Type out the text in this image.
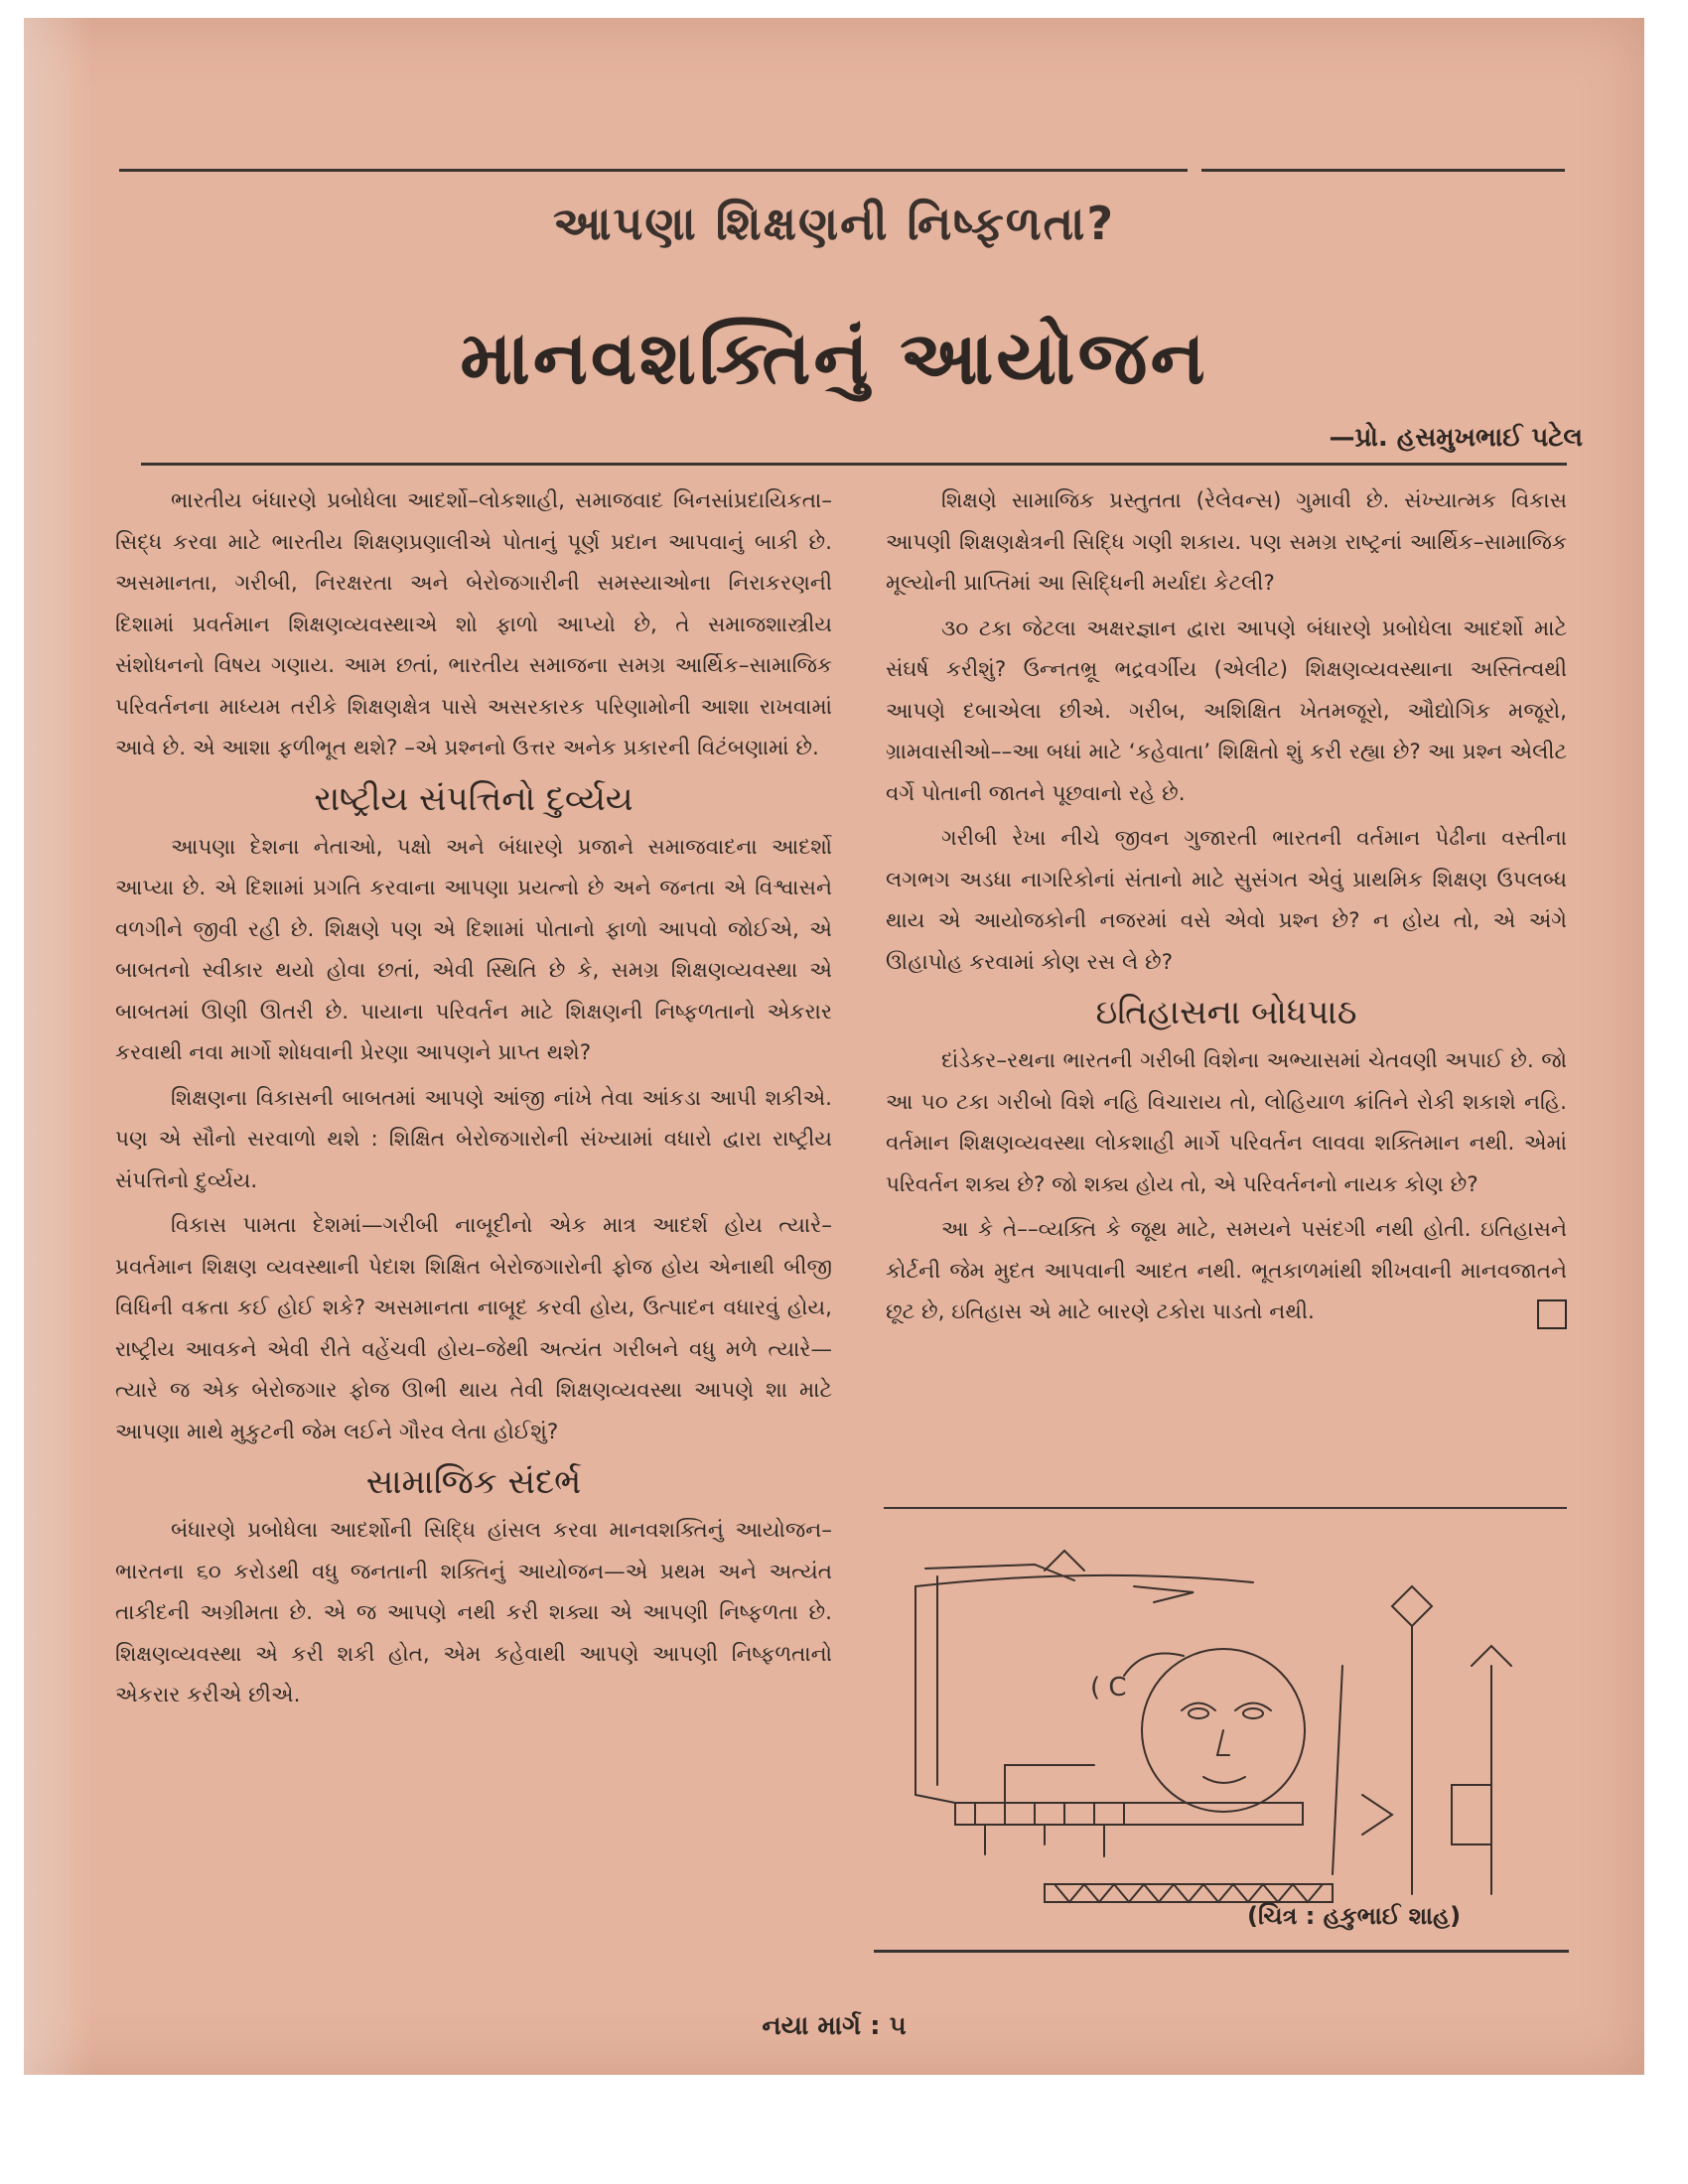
આપણા શિક્ષણની નિષ્ફળતા?
માનવશક્તિનું આયોજન
—પ્રો. હસમુખભાઈ પટેલ

ભારતીય બંધારણે પ્રબોધેલા આદર્શો–લોકશાહી, સમાજવાદ બિનસાંપ્રદાયિકતા–સિદ્ધ કરવા માટે ભારતીય શિક્ષણપ્રણાલીએ પોતાનું પૂર્ણ પ્રદાન આપવાનું બાકી છે. અસમાનતા, ગરીબી, નિરક્ષરતા અને બેરોજગારીની સમસ્યાઓના નિરાકરણની દિશામાં પ્રવર્તમાન શિક્ષણવ્યવસ્થાએ શો ફાળો આપ્યો છે, તે સમાજશાસ્ત્રીય સંશોધનનો વિષય ગણાય. આમ છતાં, ભારતીય સમાજના સમગ્ર આર્થિક–સામાજિક પરિવર્તનના માધ્યમ તરીકે શિક્ષણક્ષેત્ર પાસે અસરકારક પરિણામોની આશા રાખવામાં આવે છે. એ આશા ફળીભૂત થશે? –એ પ્રશ્નનો ઉત્તર અનેક પ્રકારની વિટંબણામાં છે.

રાષ્ટ્રીય સંપત્તિનો દુર્વ્યય

આપણા દેશના નેતાઓ, પક્ષો અને બંધારણે પ્રજાને સમાજવાદના આદર્શો આપ્યા છે. એ દિશામાં પ્રગતિ કરવાના આપણા પ્રયત્નો છે અને જનતા એ વિશ્વાસને વળગીને જીવી રહી છે. શિક્ષણે પણ એ દિશામાં પોતાનો ફાળો આપવો જોઈએ, એ બાબતનો સ્વીકાર થયો હોવા છતાં, એવી સ્થિતિ છે કે, સમગ્ર શિક્ષણવ્યવસ્થા એ બાબતમાં ઊણી ઊતરી છે. પાયાના પરિવર્તન માટે શિક્ષણની નિષ્ફળતાનો એકરાર કરવાથી નવા માર્ગો શોધવાની પ્રેરણા આપણને પ્રાપ્ત થશે?

શિક્ષણના વિકાસની બાબતમાં આપણે આંજી નાંખે તેવા આંકડા આપી શકીએ. પણ એ સૌનો સરવાળો થશે : શિક્ષિત બેરોજગારોની સંખ્યામાં વધારો દ્વારા રાષ્ટ્રીય સંપત્તિનો દુર્વ્યય.

વિકાસ પામતા દેશમાં—ગરીબી નાબૂદીનો એક માત્ર આદર્શ હોય ત્યારે–પ્રવર્તમાન શિક્ષણ વ્યવસ્થાની પેદાશ શિક્ષિત બેરોજગારોની ફોજ હોય એનાથી બીજી વિધિની વક્રતા કઈ હોઈ શકે? અસમાનતા નાબૂદ કરવી હોય, ઉત્પાદન વધારવું હોય, રાષ્ટ્રીય આવકને એવી રીતે વહેંચવી હોય–જેથી અત્યંત ગરીબને વધુ મળે ત્યારે—ત્યારે જ એક બેરોજગાર ફોજ ઊભી થાય તેવી શિક્ષણવ્યવસ્થા આપણે શા માટે આપણા માથે મુકુટની જેમ લઈને ગૌરવ લેતા હોઈશું?

સામાજિક સંદર્ભ

બંધારણે પ્રબોધેલા આદર્શોની સિદ્ધિ હાંસલ કરવા માનવશક્તિનું આયોજન–ભારતના ૬૦ કરોડથી વધુ જનતાની શક્તિનું આયોજન—એ પ્રથમ અને અત્યંત તાકીદની અગ્રીમતા છે. એ જ આપણે નથી કરી શક્યા એ આપણી નિષ્ફળતા છે. શિક્ષણવ્યવસ્થા એ કરી શકી હોત, એમ કહેવાથી આપણે આપણી નિષ્ફળતાનો એકરાર કરીએ છીએ.

શિક્ષણે સામાજિક પ્રસ્તુતતા (રેલેવન્સ) ગુમાવી છે. સંખ્યાત્મક વિકાસ આપણી શિક્ષણક્ષેત્રની સિદ્ધિ ગણી શકાય. પણ સમગ્ર રાષ્ટ્રનાં આર્થિક–સામાજિક મૂલ્યોની પ્રાપ્તિમાં આ સિદ્ધિની મર્યાદા કેટલી?

૩૦ ટકા જેટલા અક્ષરજ્ઞાન દ્વારા આપણે બંધારણે પ્રબોધેલા આદર્શો માટે સંઘર્ષ કરીશું? ઉન્નતભ્રૂ ભદ્રવર્ગીય (એલીટ) શિક્ષણવ્યવસ્થાના અસ્તિત્વથી આપણે દબાએલા છીએ. ગરીબ, અશિક્ષિત ખેતમજૂરો, ઔદ્યોગિક મજૂરો, ગ્રામવાસીઓ––આ બધાં માટે ‘કહેવાતા’ શિક્ષિતો શું કરી રહ્યા છે? આ પ્રશ્ન એલીટ વર્ગે પોતાની જાતને પૂછવાનો રહે છે.

ગરીબી રેખા નીચે જીવન ગુજારતી ભારતની વર્તમાન પેઢીના વસ્તીના લગભગ અડધા નાગરિકોનાં સંતાનો માટે સુસંગત એવું પ્રાથમિક શિક્ષણ ઉપલબ્ધ થાય એ આયોજકોની નજરમાં વસે એવો પ્રશ્ન છે? ન હોય તો, એ અંગે ઊહાપોહ કરવામાં કોણ રસ લે છે?

ઇતિહાસના બોધપાઠ

દાંડેકર–રથના ભારતની ગરીબી વિશેના અભ્યાસમાં ચેતવણી અપાઈ છે. જો આ ૫૦ ટકા ગરીબો વિશે નહિ વિચારાય તો, લોહિયાળ ક્રાંતિને રોકી શકાશે નહિ. વર્તમાન શિક્ષણવ્યવસ્થા લોકશાહી માર્ગે પરિવર્તન લાવવા શક્તિમાન નથી. એમાં પરિવર્તન શક્ય છે? જો શક્ય હોય તો, એ પરિવર્તનનો નાયક કોણ છે?

આ કે તે––વ્યક્તિ કે જૂથ માટે, સમયને પસંદગી નથી હોતી. ઇતિહાસને કોર્ટની જેમ મુદત આપવાની આદત નથી. ભૂતકાળમાંથી શીખવાની માનવજાતને છૂટ છે, ઇતિહાસ એ માટે બારણે ટકોરા પાડતો નથી.

( C
(ચિત્ર : હકુભાઈ શાહ)
નયા માર્ગ : ૫
